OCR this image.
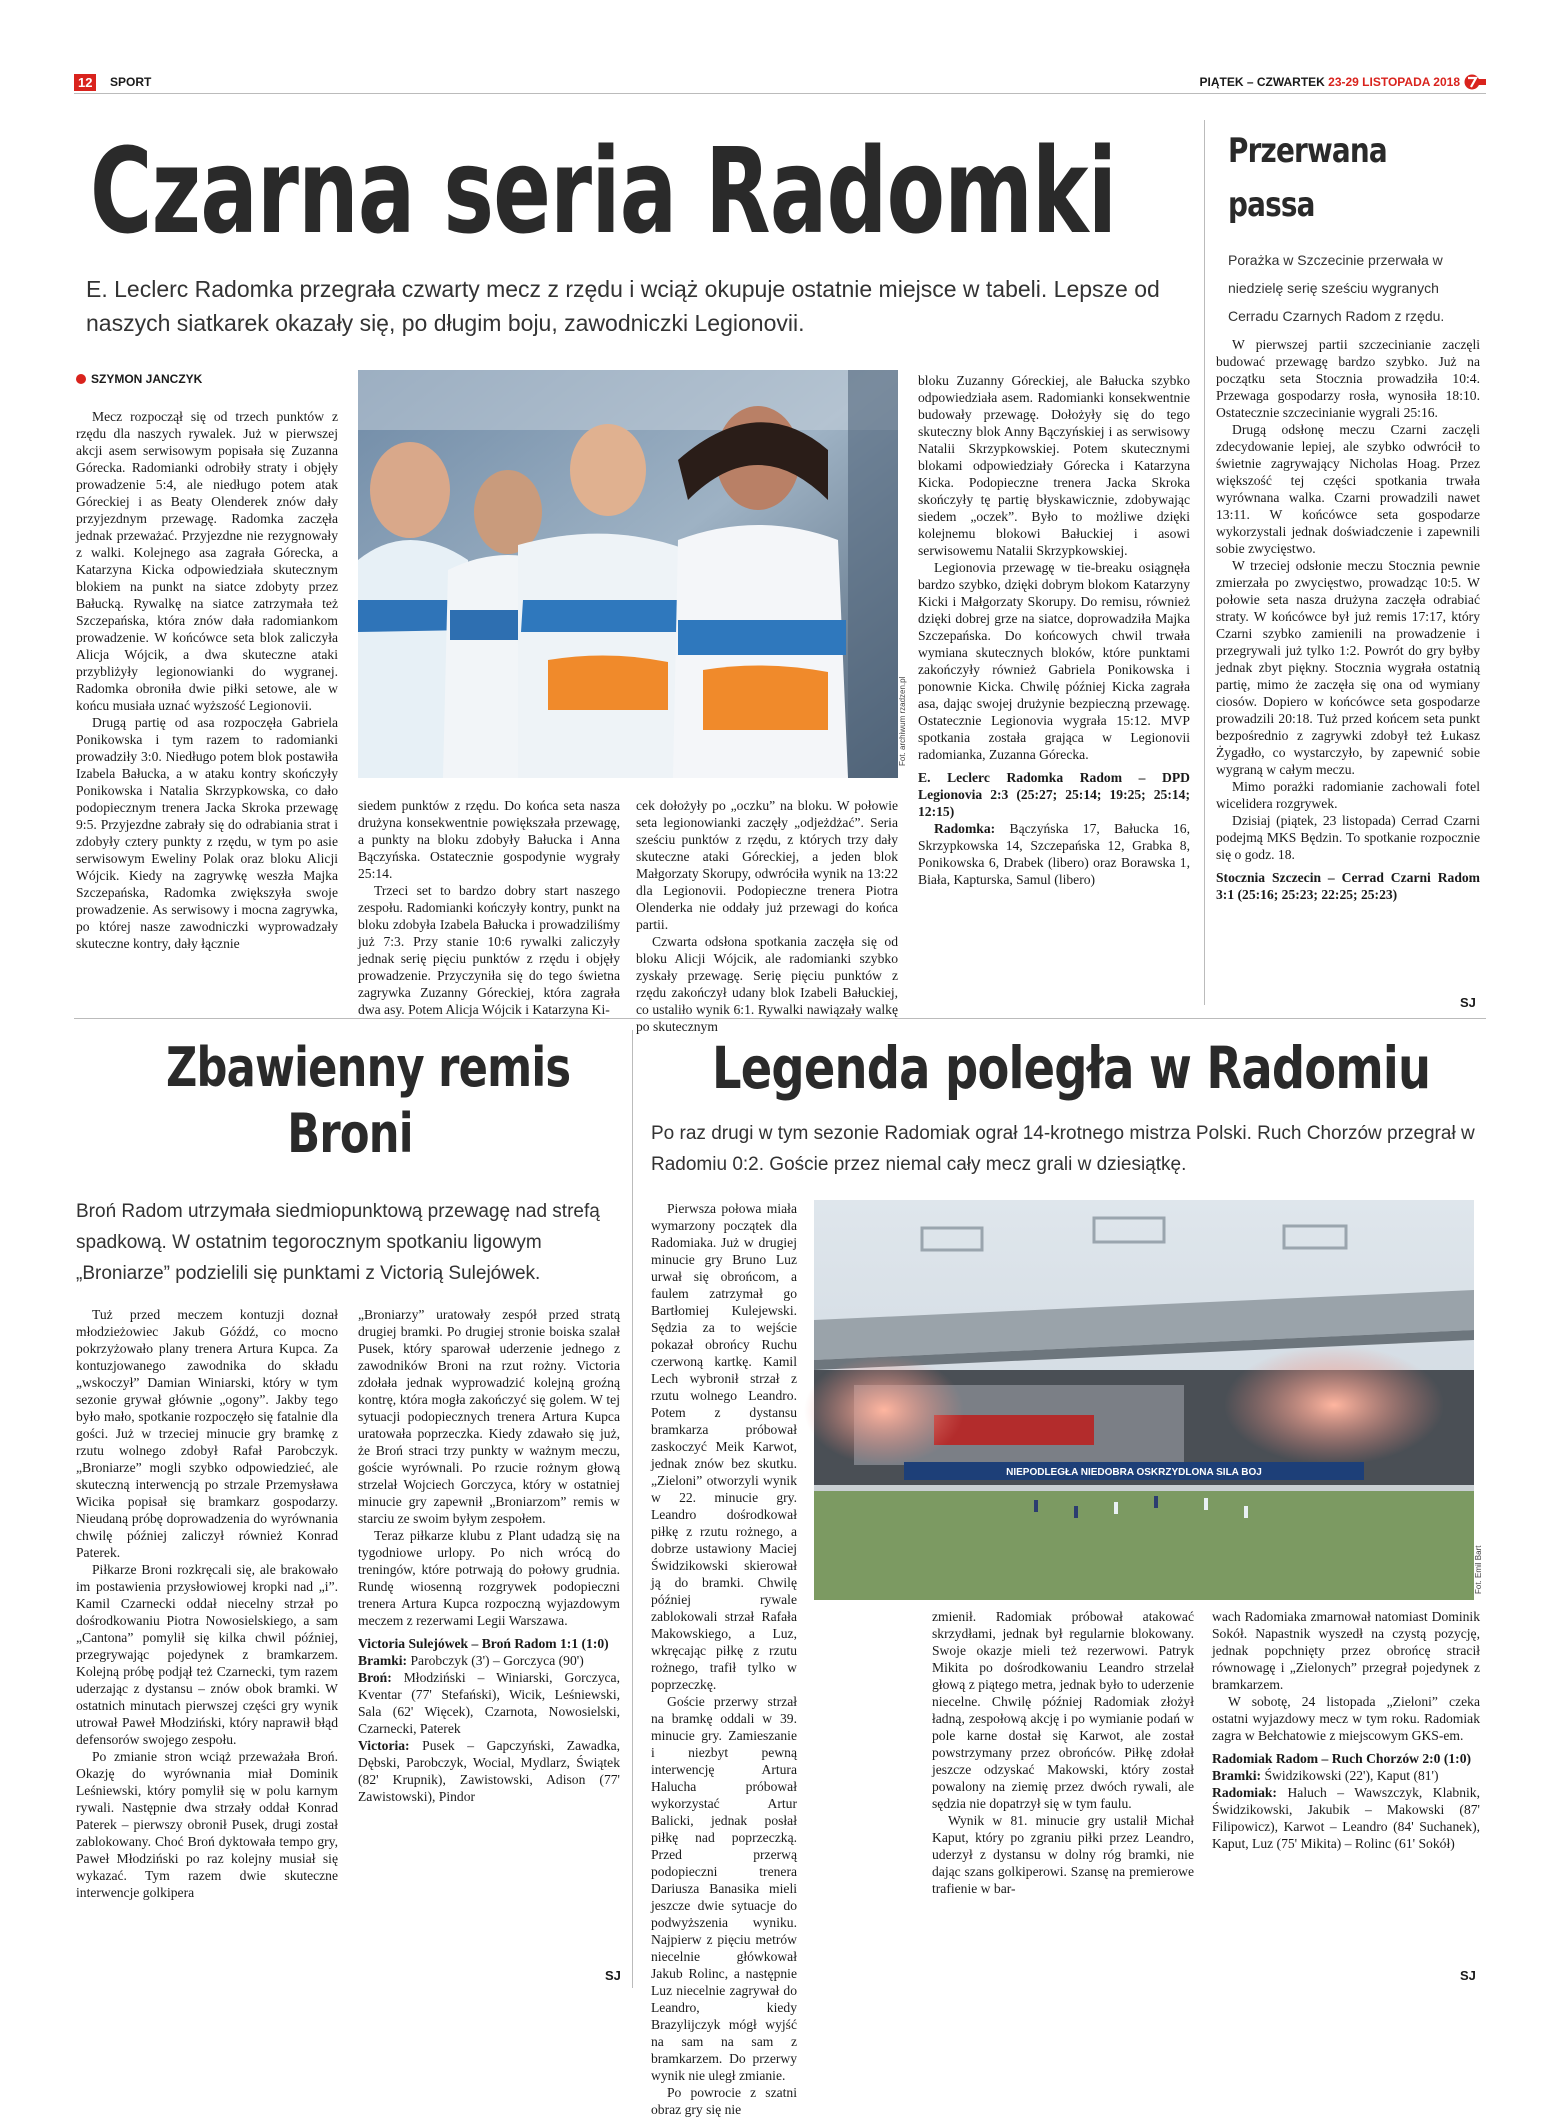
12	SPORT	PIĄTEK – CZWARTEK 23-29 LISTOPADA 2018
Czarna seria Radomki
E. Leclerc Radomka przegrała czwarty mecz z rzędu i wciąż okupuje ostatnie miejsce w tabeli. Lepsze od naszych siatkarek okazały się, po długim boju, zawodniczki Legionovii.
SZYMON JANCZYK

Mecz rozpoczął się od trzech punktów z rzędu dla naszych rywalek. Już w pierwszej akcji asem serwisowym popisała się Zuzanna Górecka. Radomianki odrobiły straty i objęły prowadzenie 5:4, ale niedługo potem atak Góreckiej i as Beaty Olenderek znów dały przyjezdnym przewagę. Radomka zaczęła jednak przeważać. Przyjezdne nie rezygnowały z walki. Kolejnego asa zagrała Górecka, a Katarzyna Kicka odpowiedziała skutecznym blokiem na punkt na siatce zdobyty przez Bałucką. Rywalkę na siatce zatrzymała też Szczepańska, która znów dała radomiankom prowadzenie. W końcówce seta blok zaliczyła Alicja Wójcik, a dwa skuteczne ataki przybliżyły legionowianki do wygranej. Radomka obroniła dwie piłki setowe, ale w końcu musiała uznać wyższość Legionovii.

Drugą partię od asa rozpoczęła Gabriela Ponikowska i tym razem to radomianki prowadziły 3:0. Niedługo potem blok postawiła Izabela Bałucka, a w ataku kontry skończyły Ponikowska i Natalia Skrzypkowska, co dało podopiecznym trenera Jacka Skroka przewagę 9:5. Przyjezdne zabrały się do odrabiania strat i zdobyły cztery punkty z rzędu, w tym po asie serwisowym Eweliny Polak oraz bloku Alicji Wójcik. Kiedy na zagrywkę weszła Majka Szczepańska, Radomka zwiększyła swoje prowadzenie. As serwisowy i mocna zagrywka, po której nasze zawodniczki wyprowadzały skuteczne kontry, dały łącznie

Fot. archiwum rzadzen.pl

siedem punktów z rzędu. Do końca seta nasza drużyna konsekwentnie powiększała przewagę, a punkty na bloku zdobyły Bałucka i Anna Bączyńska. Ostatecznie gospodynie wygrały 25:14.

Trzeci set to bardzo dobry start naszego zespołu. Radomianki kończyły kontry, punkt na bloku zdobyła Izabela Bałucka i prowadziliśmy już 7:3. Przy stanie 10:6 rywalki zaliczyły jednak serię pięciu punktów z rzędu i objęły prowadzenie. Przyczyniła się do tego świetna zagrywka Zuzanny Góreckiej, która zagrała dwa asy. Potem Alicja Wójcik i Katarzyna Ki-

cek dołożyły po „oczku” na bloku. W połowie seta legionowianki zaczęły „odjeżdżać”. Seria sześciu punktów z rzędu, z których trzy dały skuteczne ataki Góreckiej, a jeden blok Małgorzaty Skorupy, odwróciła wynik na 13:22 dla Legionovii. Podopieczne trenera Piotra Olenderka nie oddały już przewagi do końca partii.

Czwarta odsłona spotkania zaczęła się od bloku Alicji Wójcik, ale radomianki szybko zyskały przewagę. Serię pięciu punktów z rzędu zakończył udany blok Izabeli Bałuckiej, co ustaliło wynik 6:1. Rywalki nawiązały walkę po skutecznym

bloku Zuzanny Góreckiej, ale Bałucka szybko odpowiedziała asem. Radomianki konsekwentnie budowały przewagę. Dołożyły się do tego skuteczny blok Anny Bączyńskiej i as serwisowy Natalii Skrzypkowskiej. Potem skutecznymi blokami odpowiedziały Górecka i Katarzyna Kicka. Podopieczne trenera Jacka Skroka skończyły tę partię błyskawicznie, zdobywając siedem „oczek”. Było to możliwe dzięki kolejnemu blokowi Bałuckiej i asowi serwisowemu Natalii Skrzypkowskiej.

Legionovia przewagę w tie-breaku osiągnęła bardzo szybko, dzięki dobrym blokom Katarzyny Kicki i Małgorzaty Skorupy. Do remisu, również dzięki dobrej grze na siatce, doprowadziła Majka Szczepańska. Do końcowych chwil trwała wymiana skutecznych bloków, które punktami zakończyły również Gabriela Ponikowska i ponownie Kicka. Chwilę później Kicka zagrała asa, dając swojej drużynie bezpieczną przewagę. Ostatecznie Legionovia wygrała 15:12. MVP spotkania została grająca w Legionovii radomianka, Zuzanna Górecka.

E. Leclerc Radomka Radom – DPD Legionovia 2:3 (25:27; 25:14; 19:25; 25:14; 12:15)

Radomka: Bączyńska 17, Bałucka 16, Skrzypkowska 14, Szczepańska 12, Grabka 8, Ponikowska 6, Drabek (libero) oraz Borawska 1, Biała, Kapturska, Samul (libero)

Przerwana
passa
Porażka w Szczecinie przerwała w niedzielę serię sześciu wygranych Cerradu Czarnych Radom z rzędu.

W pierwszej partii szczecinianie zaczęli budować przewagę bardzo szybko. Już na początku seta Stocznia prowadziła 10:4. Przewaga gospodarzy rosła, wynosiła 18:10. Ostatecznie szczecinianie wygrali 25:16.

Drugą odsłonę meczu Czarni zaczęli zdecydowanie lepiej, ale szybko odwrócił to świetnie zagrywający Nicholas Hoag. Przez większość tej części spotkania trwała wyrównana walka. Czarni prowadzili nawet 13:11. W końcówce seta gospodarze wykorzystali jednak doświadczenie i zapewnili sobie zwycięstwo.

W trzeciej odsłonie meczu Stocznia pewnie zmierzała po zwycięstwo, prowadząc 10:5. W połowie seta nasza drużyna zaczęła odrabiać straty. W końcówce był już remis 17:17, który Czarni szybko zamienili na prowadzenie i przegrywali już tylko 1:2. Powrót do gry byłby jednak zbyt piękny. Stocznia wygrała ostatnią partię, mimo że zaczęła się ona od wymiany ciosów. Dopiero w końcówce seta gospodarze prowadzili 20:18. Tuż przed końcem seta punkt bezpośrednio z zagrywki zdobył też Łukasz Żygadło, co wystarczyło, by zapewnić sobie wygraną w całym meczu.

Mimo porażki radomianie zachowali fotel wicelidera rozgrywek.

Dzisiaj (piątek, 23 listopada) Cerrad Czarni podejmą MKS Będzin. To spotkanie rozpocznie się o godz. 18.

Stocznia Szczecin – Cerrad Czarni Radom 3:1 (25:16; 25:23; 22:25; 25:23)

SJ
Zbawienny remis
Broni
Broń Radom utrzymała siedmiopunktową przewagę nad strefą spadkową. W ostatnim tegorocznym spotkaniu ligowym „Broniarze” podzielili się punktami z Victorią Sulejówek.

Tuż przed meczem kontuzji doznał młodzieżowiec Jakub Góźdź, co mocno pokrzyżowało plany trenera Artura Kupca. Za kontuzjowanego zawodnika do składu „wskoczył” Damian Winiarski, który w tym sezonie grywał głównie „ogony”. Jakby tego było mało, spotkanie rozpoczęło się fatalnie dla gości. Już w trzeciej minucie gry bramkę z rzutu wolnego zdobył Rafał Parobczyk. „Broniarze” mogli szybko odpowiedzieć, ale skuteczną interwencją po strzale Przemysława Wicika popisał się bramkarz gospodarzy. Nieudaną próbę doprowadzenia do wyrównania chwilę później zaliczył również Konrad Paterek.

Piłkarze Broni rozkręcali się, ale brakowało im postawienia przysłowiowej kropki nad „i”. Kamil Czarnecki oddał niecelny strzał po dośrodkowaniu Piotra Nowosielskiego, a sam „Cantona” pomylił się kilka chwil później, przegrywając pojedynek z bramkarzem. Kolejną próbę podjął też Czarnecki, tym razem uderzając z dystansu – znów obok bramki. W ostatnich minutach pierwszej części gry wynik utrował Paweł Młodziński, który naprawił błąd defensorów swojego zespołu.

Po zmianie stron wciąż przeważała Broń. Okazję do wyrównania miał Dominik Leśniewski, który pomylił się w polu karnym rywali. Następnie dwa strzały oddał Konrad Paterek – pierwszy obronił Pusek, drugi został zablokowany. Choć Broń dyktowała tempo gry, Paweł Młodziński po raz kolejny musiał się wykazać. Tym razem dwie skuteczne interwencje golkipera

„Broniarzy” uratowały zespół przed stratą drugiej bramki. Po drugiej stronie boiska szalał Pusek, który sparował uderzenie jednego z zawodników Broni na rzut rożny. Victoria zdołała jednak wyprowadzić kolejną groźną kontrę, która mogła zakończyć się golem. W tej sytuacji podopiecznych trenera Artura Kupca uratowała poprzeczka. Kiedy zdawało się już, że Broń straci trzy punkty w ważnym meczu, goście wyrównali. Po rzucie rożnym głową strzelał Wojciech Gorczyca, który w ostatniej minucie gry zapewnił „Broniarzom” remis w starciu ze swoim byłym zespołem.

Teraz piłkarze klubu z Plant udadzą się na tygodniowe urlopy. Po nich wrócą do treningów, które potrwają do połowy grudnia. Rundę wiosenną rozgrywek podopieczni trenera Artura Kupca rozpoczną wyjazdowym meczem z rezerwami Legii Warszawa.

Victoria Sulejówek – Broń Radom 1:1 (1:0)

Bramki: Parobczyk (3') – Gorczyca (90')

Broń: Młodziński – Winiarski, Gorczyca, Kventar (77' Stefański), Wicik, Leśniewski, Sala (62' Więcek), Czarnota, Nowosielski, Czarnecki, Paterek

Victoria: Pusek – Gapczyński, Zawadka, Dębski, Parobczyk, Wocial, Mydlarz, Świątek (82' Krupnik), Zawistowski, Adison (77' Zawistowski), Pindor

SJ
Legenda poległa w Radomiu
Po raz drugi w tym sezonie Radomiak ograł 14-krotnego mistrza Polski. Ruch Chorzów przegrał w Radomiu 0:2. Goście przez niemal cały mecz grali w dziesiątkę.

Pierwsza połowa miała wymarzony początek dla Radomiaka. Już w drugiej minucie gry Bruno Luz urwał się obrońcom, a faulem zatrzymał go Bartłomiej Kulejewski. Sędzia za to wejście pokazał obrońcy Ruchu czerwoną kartkę. Kamil Lech wybronił strzał z rzutu wolnego Leandro. Potem z dystansu bramkarza próbował zaskoczyć Meik Karwot, jednak znów bez skutku. „Zieloni” otworzyli wynik w 22. minucie gry. Leandro dośrodkował piłkę z rzutu rożnego, a dobrze ustawiony Maciej Świdzikowski skierował ją do bramki. Chwilę później rywale zablokowali strzał Rafała Makowskiego, a Luz, wkręcając piłkę z rzutu rożnego, trafił tylko w poprzeczkę.

Goście przerwy strzał na bramkę oddali w 39. minucie gry. Zamieszanie i niezbyt pewną interwencję Artura Halucha próbował wykorzystać Artur Balicki, jednak posłał piłkę nad poprzeczką. Przed przerwą podopieczni trenera Dariusza Banasika mieli jeszcze dwie sytuacje do podwyższenia wyniku. Najpierw z pięciu metrów niecelnie główkował Jakub Rolinc, a następnie Luz niecelnie zagrywał do Leandro, kiedy Brazylijczyk mógł wyjść na sam na sam z bramkarzem. Do przerwy wynik nie uległ zmianie.

Po powrocie z szatni obraz gry się nie

NIEPODLEGŁA NIEDOBRA OSKRZYDLONA SILA BOJ
Fot. Emil Bart

zmienił. Radomiak próbował atakować skrzydłami, jednak był regularnie blokowany. Swoje okazje mieli też rezerwowi. Patryk Mikita po dośrodkowaniu Leandro strzelał głową z piątego metra, jednak było to uderzenie niecelne. Chwilę później Radomiak złożył ładną, zespołową akcję i po wymianie podań w pole karne dostał się Karwot, ale został powstrzymany przez obrońców. Piłkę zdołał jeszcze odzyskać Makowski, który został powalony na ziemię przez dwóch rywali, ale sędzia nie dopatrzył się w tym faulu.

Wynik w 81. minucie gry ustalił Michał Kaput, który po zgraniu piłki przez Leandro, uderzył z dystansu w dolny róg bramki, nie dając szans golkiperowi. Szansę na premierowe trafienie w bar-

wach Radomiaka zmarnował natomiast Dominik Sokół. Napastnik wyszedł na czystą pozycję, jednak popchnięty przez obrońcę stracił równowagę i „Zielonych” przegrał pojedynek z bramkarzem.

W sobotę, 24 listopada „Zieloni” czeka ostatni wyjazdowy mecz w tym roku. Radomiak zagra w Bełchatowie z miejscowym GKS-em.

Radomiak Radom – Ruch Chorzów 2:0 (1:0)

Bramki: Świdzikowski (22'), Kaput (81')

Radomiak: Haluch – Wawszczyk, Klabnik, Świdzikowski, Jakubik – Makowski (87' Filipowicz), Karwot – Leandro (84' Suchanek), Kaput, Luz (75' Mikita) – Rolinc (61' Sokół)

SJ
